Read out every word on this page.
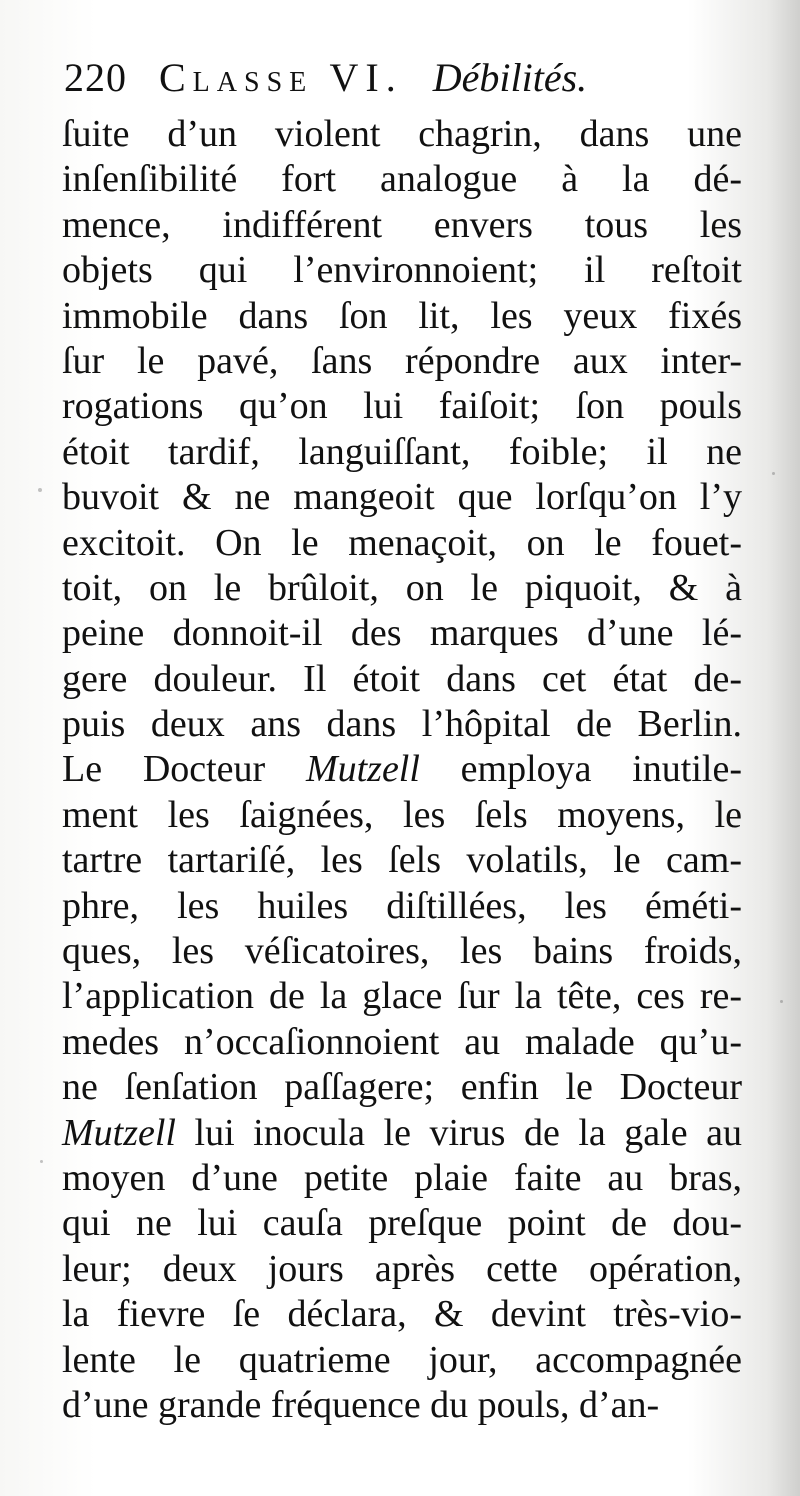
220 Classe VI. Débilités.
ſuite d’un violent chagrin, dans une
inſenſibilité fort analogue à la dé-
mence, indifférent envers tous les
objets qui l’environnoient; il reſtoit
immobile dans ſon lit, les yeux fixés
ſur le pavé, ſans répondre aux inter-
rogations qu’on lui faiſoit; ſon pouls
étoit tardif, languiſſant, foible; il ne
buvoit & ne mangeoit que lorſqu’on l’y
excitoit. On le menaçoit, on le fouet-
toit, on le brûloit, on le piquoit, & à
peine donnoit-il des marques d’une lé-
gere douleur. Il étoit dans cet état de-
puis deux ans dans l’hôpital de Berlin.
Le Docteur Mutzell employa inutile-
ment les ſaignées, les ſels moyens, le
tartre tartariſé, les ſels volatils, le cam-
phre, les huiles diſtillées, les éméti-
ques, les véſicatoires, les bains froids,
l’application de la glace ſur la tête, ces re-
medes n’occaſionnoient au malade qu’u-
ne ſenſation paſſagere; enfin le Docteur
Mutzell lui inocula le virus de la gale au
moyen d’une petite plaie faite au bras,
qui ne lui cauſa preſque point de dou-
leur; deux jours après cette opération,
la fievre ſe déclara, & devint très-vio-
lente le quatrieme jour, accompagnée
d’une grande fréquence du pouls, d’an-
